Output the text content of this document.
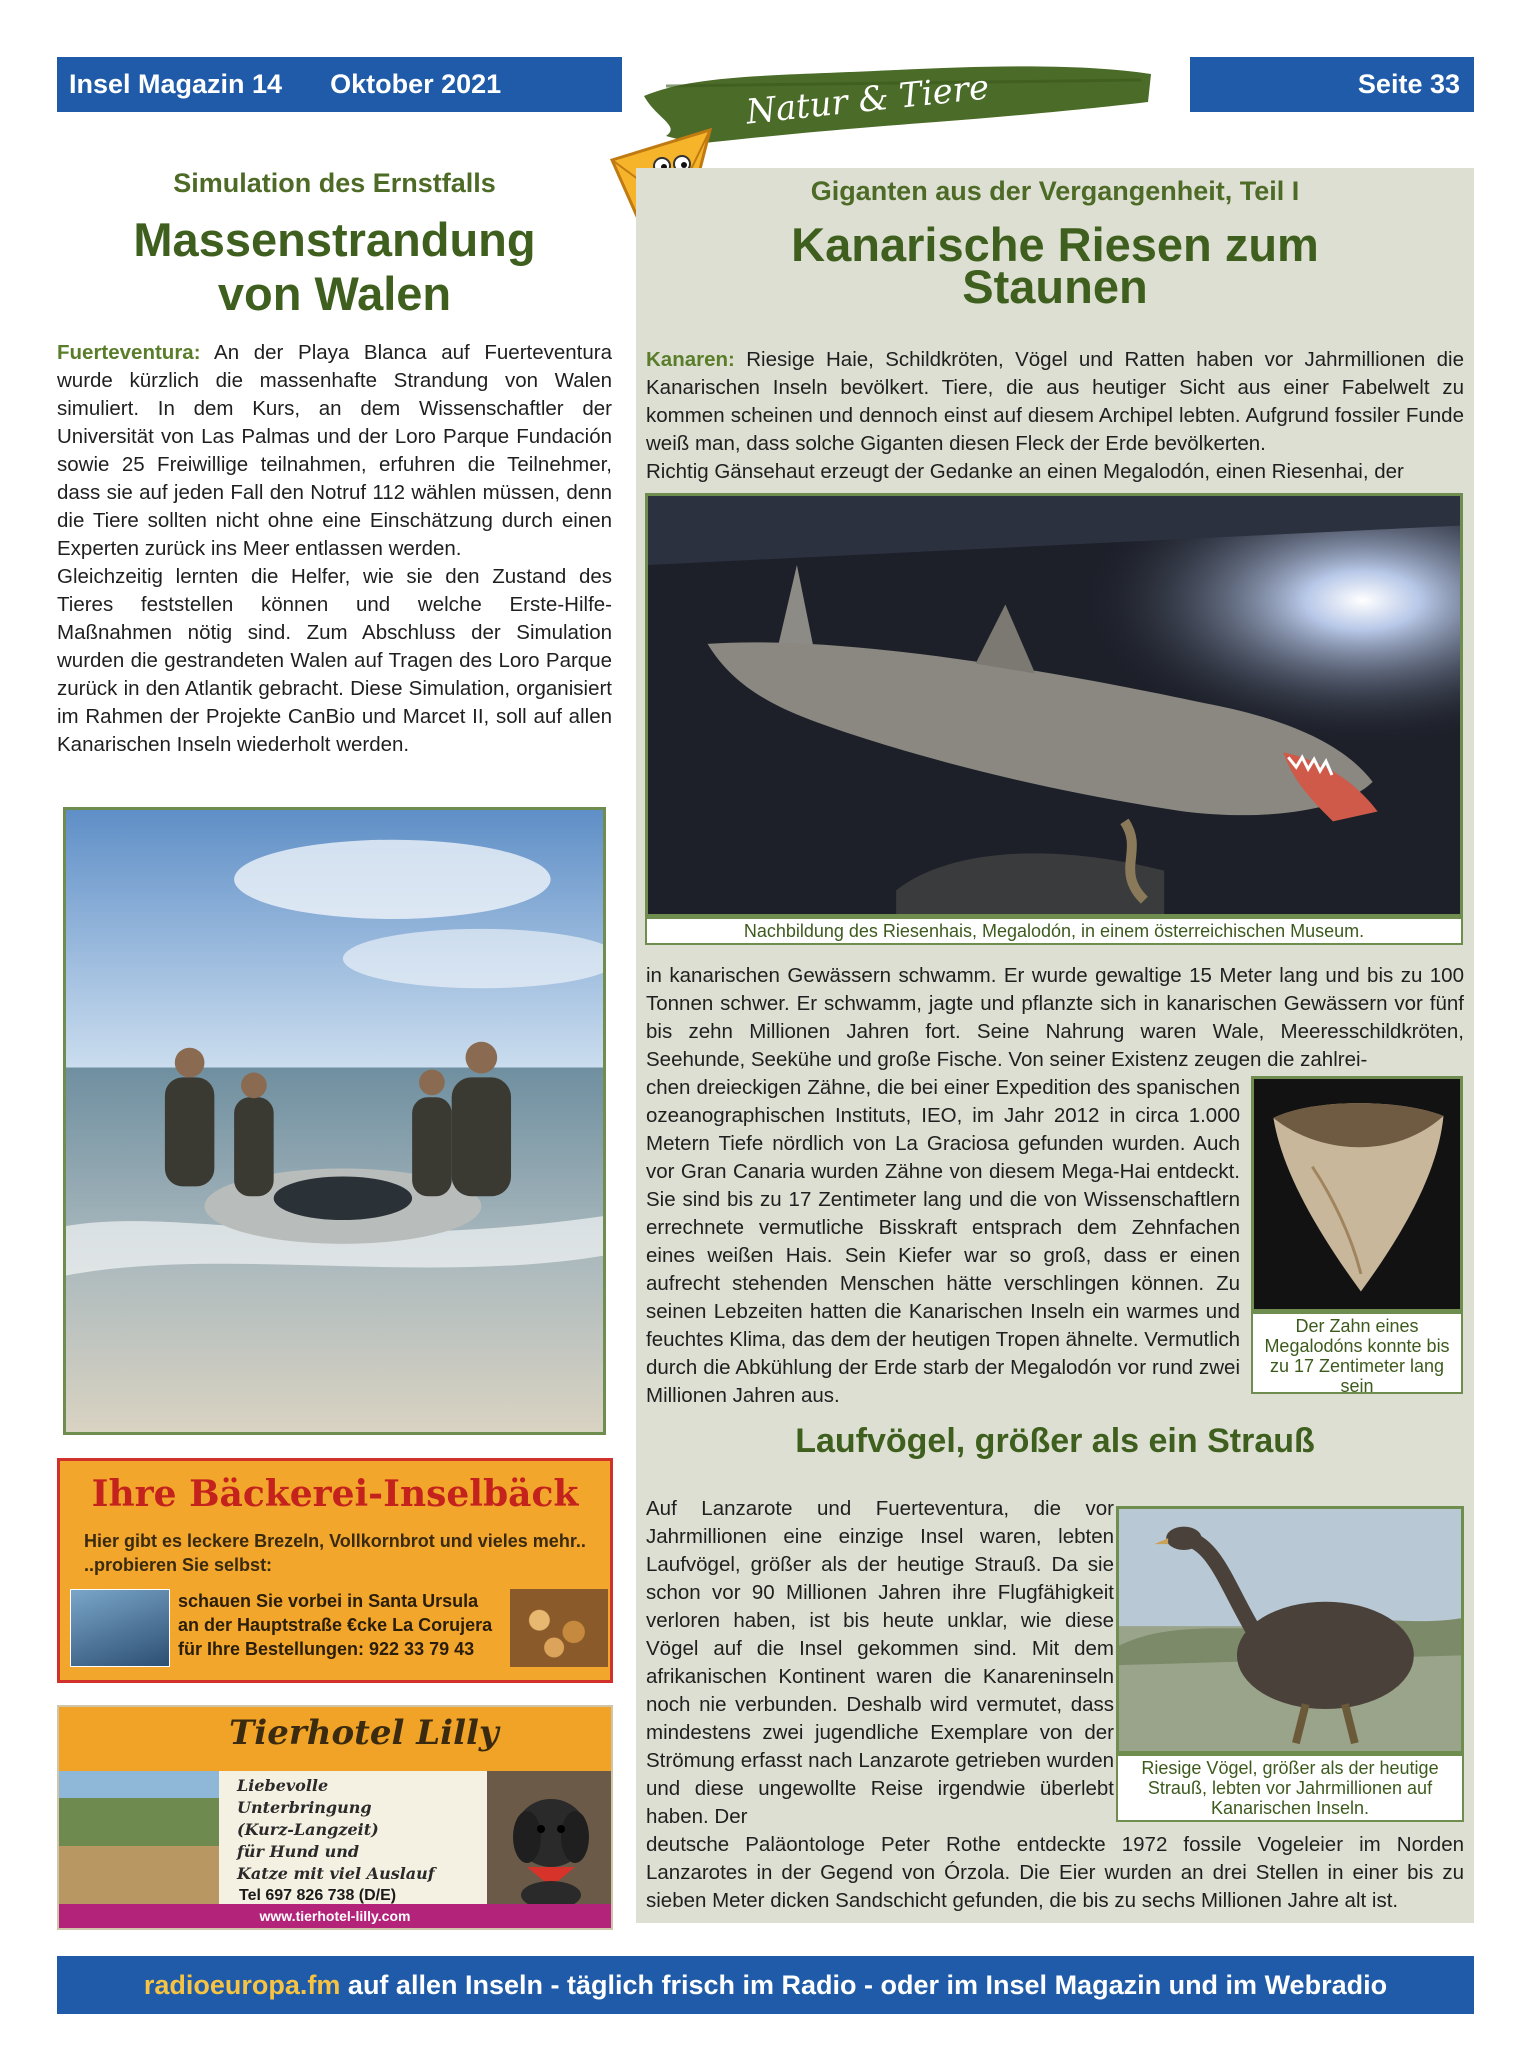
Insel Magazin 14 Oktober 2021	Natur & Tiere	Seite 33
Simulation des Ernstfalls
Massenstrandung von Walen
Fuerteventura: An der Playa Blanca auf Fuerteventura wurde kürzlich die massenhafte Strandung von Walen simuliert. In dem Kurs, an dem Wissenschaftler der Universität von Las Palmas und der Loro Parque Fundación sowie 25 Freiwillige teilnahmen, erfuhren die Teilnehmer, dass sie auf jeden Fall den Notruf 112 wählen müssen, denn die Tiere sollten nicht ohne eine Einschätzung durch einen Experten zurück ins Meer entlassen werden.
Gleichzeitig lernten die Helfer, wie sie den Zustand des Tieres feststellen können und welche Erste-Hilfe-Maßnahmen nötig sind. Zum Abschluss der Simulation wurden die gestrandeten Walen auf Tragen des Loro Parque zurück in den Atlantik gebracht. Diese Simulation, organisiert im Rahmen der Projekte CanBio und Marcet II, soll auf allen Kanarischen Inseln wiederholt werden.
Ihre Bäckerei-Inselbäck
Hier gibt es leckere Brezeln, Vollkornbrot und vieles mehr..
..probieren Sie selbst:
schauen Sie vorbei in Santa Ursula
an der Hauptstraße €cke La Corujera
für Ihre Bestellungen: 922 33 79 43
Tierhotel Lilly
Liebevolle
Unterbringung
(Kurz-Langzeit)
für Hund und
Katze mit viel Auslauf
Tel 697 826 738 (D/E)
www.tierhotel-lilly.com
Giganten aus der Vergangenheit, Teil I
Kanarische Riesen zum
Staunen
Kanaren: Riesige Haie, Schildkröten, Vögel und Ratten haben vor Jahrmillionen die Kanarischen Inseln bevölkert. Tiere, die aus heutiger Sicht aus einer Fabelwelt zu kommen scheinen und dennoch einst auf diesem Archipel lebten. Aufgrund fossiler Funde weiß man, dass solche Giganten diesen Fleck der Erde bevölkerten.
Richtig Gänsehaut erzeugt der Gedanke an einen Megalodón, einen Riesenhai, der
Nachbildung des Riesenhais, Megalodón, in einem österreichischen Museum.
in kanarischen Gewässern schwamm. Er wurde gewaltige 15 Meter lang und bis zu 100 Tonnen schwer. Er schwamm, jagte und pflanzte sich in kanarischen Gewässern vor fünf bis zehn Millionen Jahren fort. Seine Nahrung waren Wale, Meeresschildkröten, Seehunde, Seekühe und große Fische. Von seiner Existenz zeugen die zahlrei-
chen dreieckigen Zähne, die bei einer Expedition des spanischen ozeanographischen Instituts, IEO, im Jahr 2012 in circa 1.000 Metern Tiefe nördlich von La Graciosa gefunden wurden. Auch vor Gran Canaria wurden Zähne von diesem Mega-Hai entdeckt. Sie sind bis zu 17 Zentimeter lang und die von Wissenschaftlern errechnete vermutliche Bisskraft entsprach dem Zehnfachen eines weißen Hais. Sein Kiefer war so groß, dass er einen aufrecht stehenden Menschen hätte verschlingen können. Zu seinen Lebzeiten hatten die Kanarischen Inseln ein warmes und feuchtes Klima, das dem der heutigen Tropen ähnelte. Vermutlich durch die Abkühlung der Erde starb der Megalodón vor rund zwei Millionen Jahren aus.
Der Zahn eines Megalodóns konnte bis zu 17 Zentimeter lang sein
Laufvögel, größer als ein Strauß
Auf Lanzarote und Fuerteventura, die vor Jahrmillionen eine einzige Insel waren, lebten Laufvögel, größer als der heutige Strauß. Da sie schon vor 90 Millionen Jahren ihre Flugfähigkeit verloren haben, ist bis heute unklar, wie diese Vögel auf die Insel gekommen sind. Mit dem afrikanischen Kontinent waren die Kanareninseln noch nie verbunden. Deshalb wird vermutet, dass mindestens zwei jugendliche Exemplare von der Strömung erfasst nach Lanzarote getrieben wurden und diese ungewollte Reise irgendwie überlebt haben. Der
deutsche Paläontologe Peter Rothe entdeckte 1972 fossile Vogeleier im Norden Lanzarotes in der Gegend von Órzola. Die Eier wurden an drei Stellen in einer bis zu sieben Meter dicken Sandschicht gefunden, die bis zu sechs Millionen Jahre alt ist.
Riesige Vögel, größer als der heutige Strauß, lebten vor Jahrmillionen auf Kanarischen Inseln.
radioeuropa.fm auf allen Inseln - täglich frisch im Radio - oder im Insel Magazin und im Webradio
